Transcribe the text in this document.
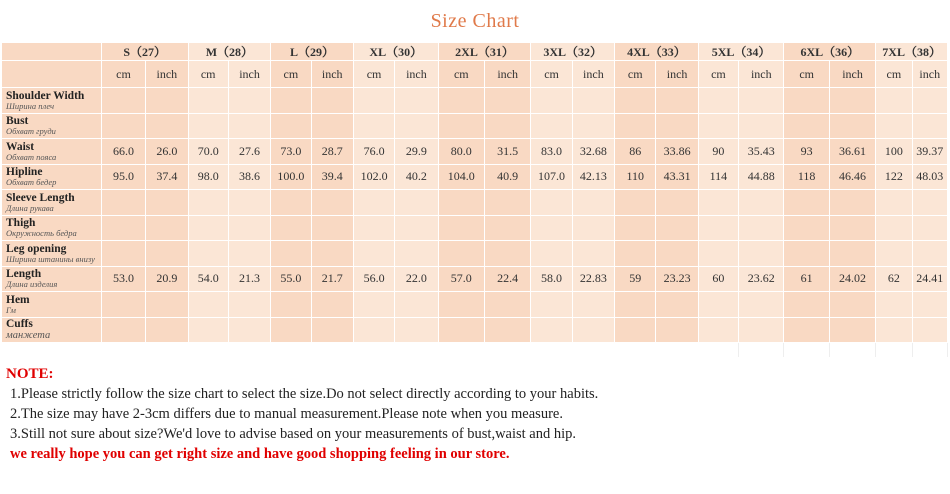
Size Chart
	S（27）		M（28）		L（29）		XL（30）		2XL（31）		3XL（32）		4XL（33）		5XL（34）		6XL（36）		7XL（38）	
	cm	inch	cm	inch	cm	inch	cm	inch	cm	inch	cm	inch	cm	inch	cm	inch	cm	inch	cm	inch

Shoulder Width
Ширина плеч																				

Bust
Обхват груди																				

Waist
Обхват пояса	66.0	26.0	70.0	27.6	73.0	28.7	76.0	29.9	80.0	31.5	83.0	32.68	86	33.86	90	35.43	93	36.61	100	39.37

Hipline
Обхват бедер	95.0	37.4	98.0	38.6	100.0	39.4	102.0	40.2	104.0	40.9	107.0	42.13	110	43.31	114	44.88	118	46.46	122	48.03

Sleeve Length
Длина рукава																				

Thigh
Окружность бедра																				

Leg opening
Ширина штанины внизу																				

Length
Длина изделия	53.0	20.9	54.0	21.3	55.0	21.7	56.0	22.0	57.0	22.4	58.0	22.83	59	23.23	60	23.62	61	24.02	62	24.41

Hem
Гм																				

Cuffs
манжета																				

NOTE:
1.Please strictly follow the size chart to select the size.Do not select directly according to your habits.
2.The size may have 2-3cm differs due to manual measurement.Please note when you measure.
3.Still not sure about size?We'd love to advise based on your measurements of bust,waist and hip.
we really hope you can get right size and have good shopping feeling in our store.
